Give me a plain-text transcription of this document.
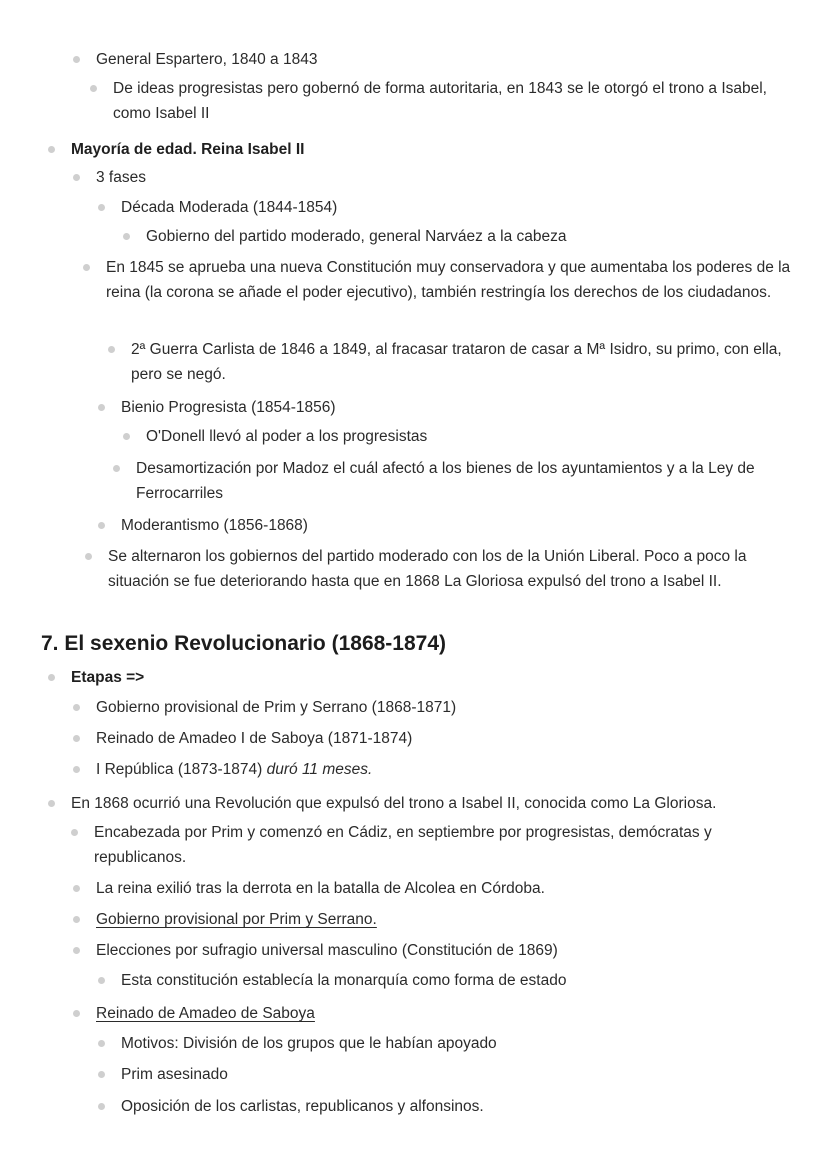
General Espartero, 1840 a 1843
De ideas progresistas pero gobernó de forma autoritaria, en 1843 se le otorgó el trono a Isabel, como Isabel II
Mayoría de edad. Reina Isabel II
3 fases
Década Moderada (1844-1854)
Gobierno del partido moderado, general Narváez a la cabeza
En 1845 se aprueba una nueva Constitución muy conservadora y que aumentaba los poderes de la reina (la corona se añade el poder ejecutivo), también restringía los derechos de los ciudadanos.
2ª Guerra Carlista de 1846 a 1849, al fracasar trataron de casar a Mª Isidro, su primo, con ella, pero se negó.
Bienio Progresista (1854-1856)
O'Donell llevó al poder a los progresistas
Desamortización por Madoz el cuál afectó a los bienes de los ayuntamientos y a la Ley de Ferrocarriles
Moderantismo (1856-1868)
Se alternaron los gobiernos del partido moderado con los de la Unión Liberal. Poco a poco la situación se fue deteriorando hasta que en 1868 La Gloriosa expulsó del trono a Isabel II.
7. El sexenio Revolucionario (1868-1874)
Etapas =>
Gobierno provisional de Prim y Serrano (1868-1871)
Reinado de Amadeo I de Saboya (1871-1874)
I República (1873-1874) duró 11 meses.
En 1868 ocurrió una Revolución que expulsó del trono a Isabel II, conocida como La Gloriosa.
Encabezada por Prim y comenzó en Cádiz, en septiembre por progresistas, demócratas y republicanos.
La reina exilió tras la derrota en la batalla de Alcolea en Córdoba.
Gobierno provisional por Prim y Serrano.
Elecciones por sufragio universal masculino (Constitución de 1869)
Esta constitución establecía la monarquía como forma de estado
Reinado de Amadeo de Saboya
Motivos: División de los grupos que le habían apoyado
Prim asesinado
Oposición de los carlistas, republicanos y alfonsinos.
